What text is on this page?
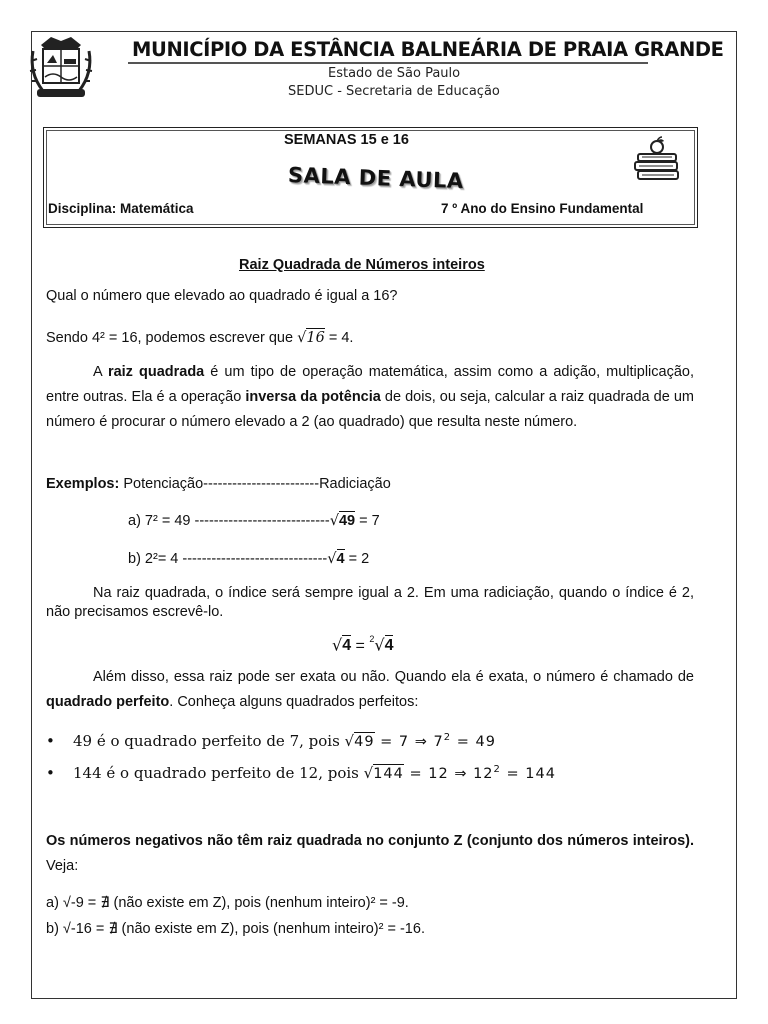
MUNICÍPIO DA ESTÂNCIA BALNEÁRIA DE PRAIA GRANDE
Estado de São Paulo
SEDUC - Secretaria de Educação
SEMANAS 15 e 16
SALA DE AULA
Disciplina: Matemática	7 º Ano do Ensino Fundamental
Raiz Quadrada de Números inteiros
Qual o número que elevado ao quadrado é igual a 16?
Sendo 4² = 16, podemos escrever que √16 = 4.
A raiz quadrada é um tipo de operação matemática, assim como a adição, multiplicação, entre outras. Ela é a operação inversa da potência de dois, ou seja, calcular a raiz quadrada de um número é procurar o número elevado a 2 (ao quadrado) que resulta neste número.
Exemplos: Potenciação------------------------Radiciação
a) 7² = 49 ----------------------------√49 = 7
b) 2²= 4 ------------------------------√4 = 2
Na raiz quadrada, o índice será sempre igual a 2. Em uma radiciação, quando o índice é 2, não precisamos escrevê-lo.
√4 = $^2$√4
Além disso, essa raiz pode ser exata ou não. Quando ela é exata, o número é chamado de quadrado perfeito. Conheça alguns quadrados perfeitos:
• 49 é o quadrado perfeito de 7, pois √49 = 7 ⇒ $7^2 = 49$
• 144 é o quadrado perfeito de 12, pois √144 = 12 ⇒ $12^2 = 144$
Os números negativos não têm raiz quadrada no conjunto Z (conjunto dos números inteiros). Veja:
a) √-9 = ∄ (não existe em Z), pois (nenhum inteiro)² = -9.
b) √-16 = ∄ (não existe em Z), pois (nenhum inteiro)² = -16.
